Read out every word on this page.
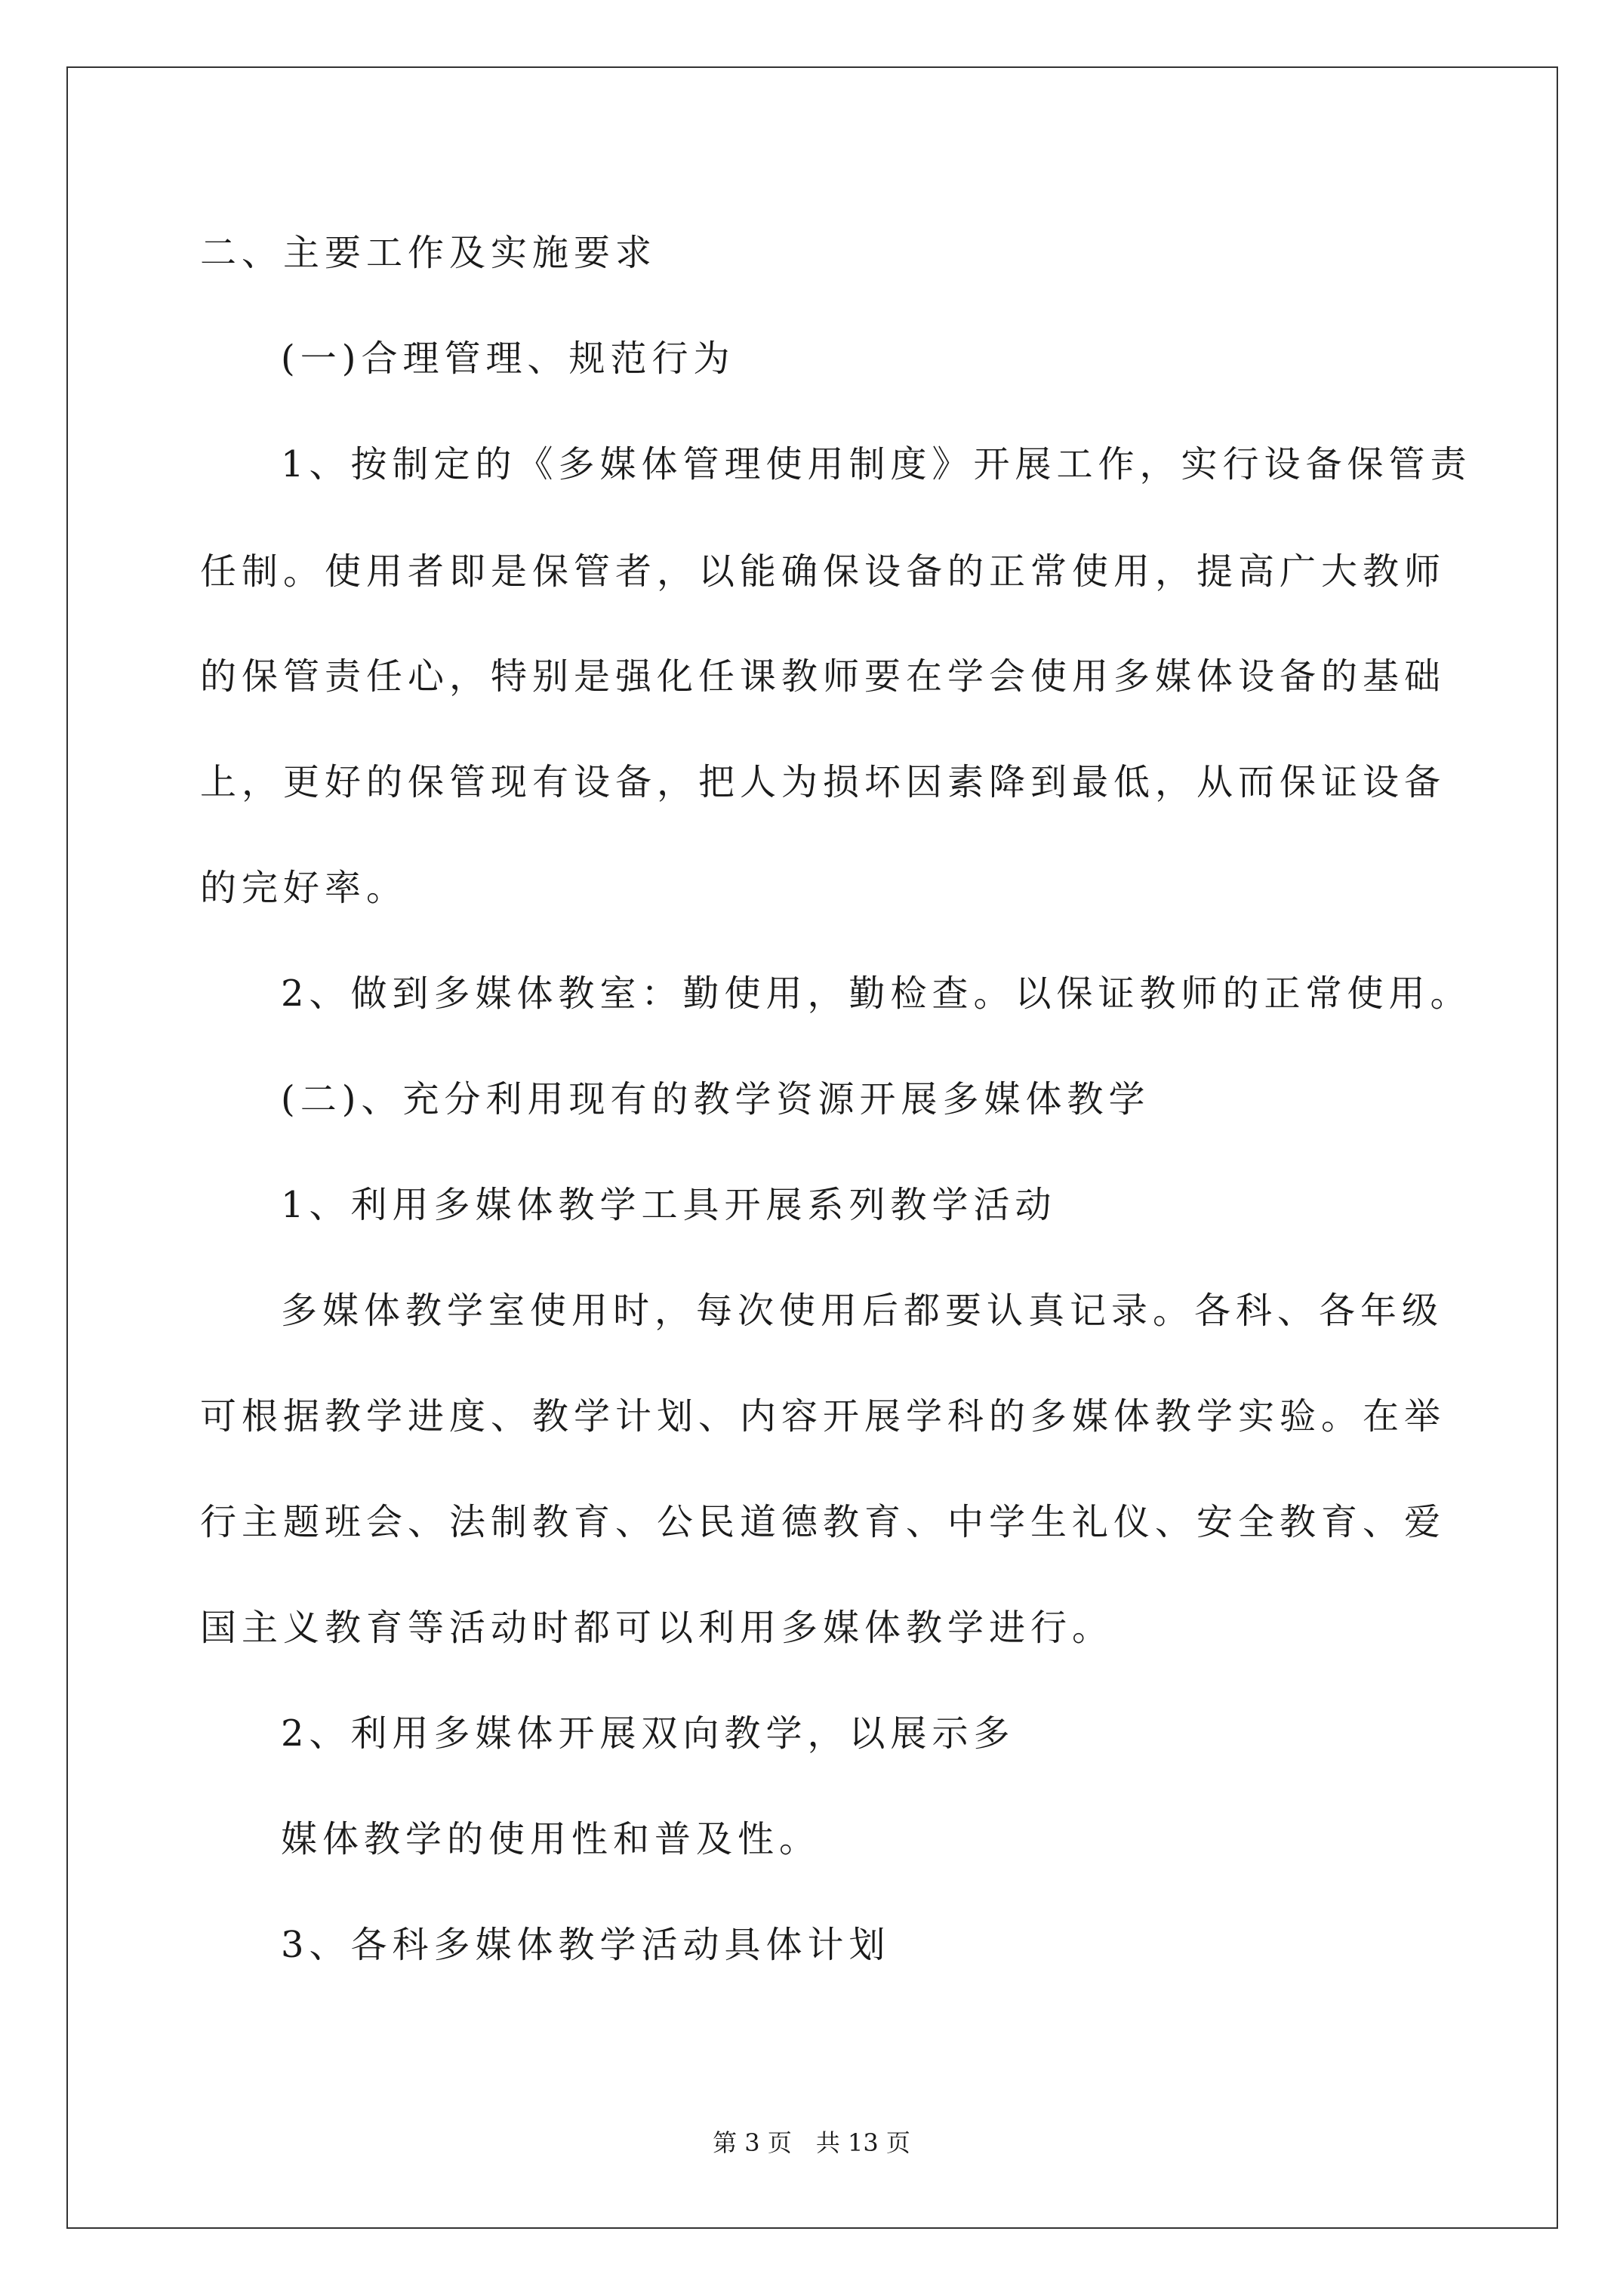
二、主要工作及实施要求
(一)合理管理、规范行为
1、按制定的《多媒体管理使用制度》开展工作，实行设备保管责
任制。使用者即是保管者，以能确保设备的正常使用，提高广大教师
的保管责任心，特别是强化任课教师要在学会使用多媒体设备的基础
上，更好的保管现有设备，把人为损坏因素降到最低，从而保证设备
的完好率。
2、做到多媒体教室：勤使用，勤检查。以保证教师的正常使用。
(二)、充分利用现有的教学资源开展多媒体教学
1、利用多媒体教学工具开展系列教学活动
多媒体教学室使用时，每次使用后都要认真记录。各科、各年级
可根据教学进度、教学计划、内容开展学科的多媒体教学实验。在举
行主题班会、法制教育、公民道德教育、中学生礼仪、安全教育、爱
国主义教育等活动时都可以利用多媒体教学进行。
2、利用多媒体开展双向教学，以展示多
媒体教学的使用性和普及性。
3、各科多媒体教学活动具体计划
第 3 页　共 13 页
